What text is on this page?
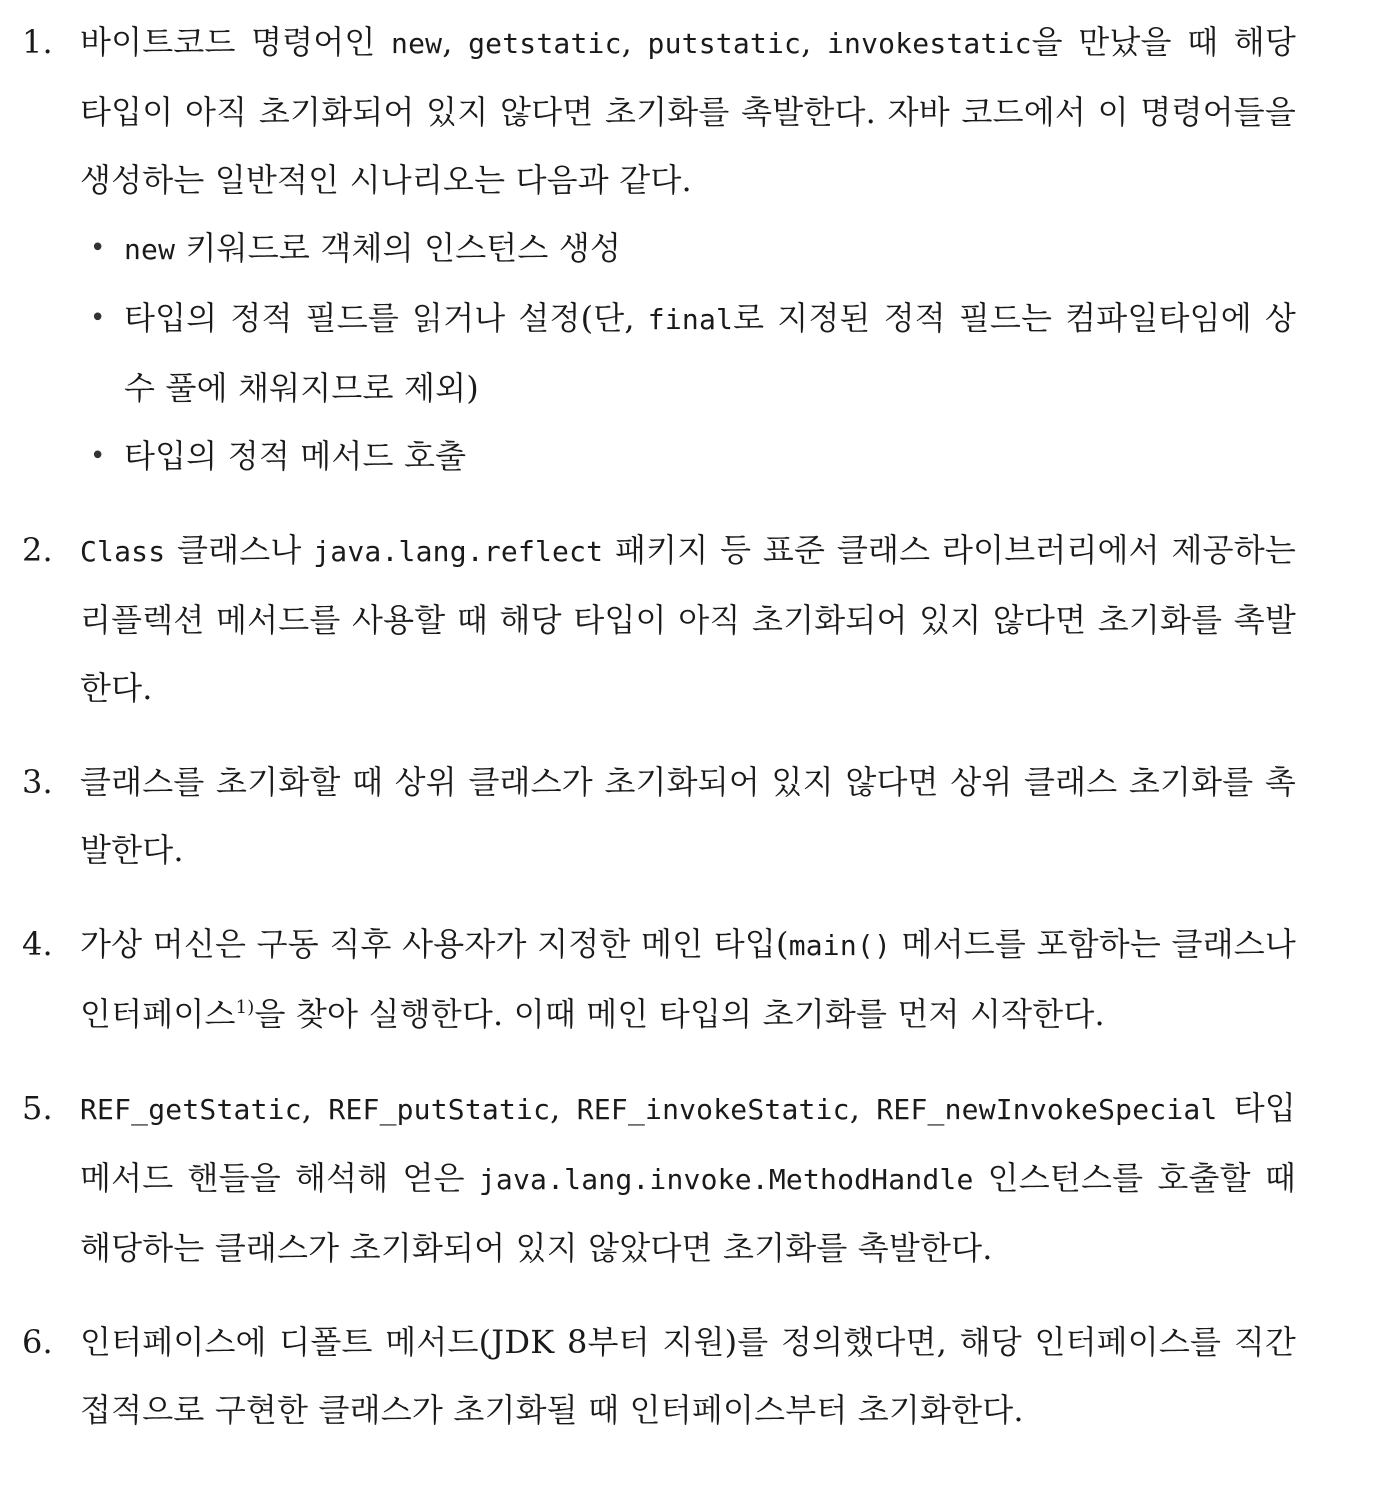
1. 바이트코드 명령어인 new, getstatic, putstatic, invokestatic을 만났을 때 해당 타입이 아직 초기화되어 있지 않다면 초기화를 촉발한다. 자바 코드에서 이 명령어들을 생성하는 일반적인 시나리오는 다음과 같다.
• new 키워드로 객체의 인스턴스 생성
• 타입의 정적 필드를 읽거나 설정(단, final로 지정된 정적 필드는 컴파일타임에 상수 풀에 채워지므로 제외)
• 타입의 정적 메서드 호출
2. Class 클래스나 java.lang.reflect 패키지 등 표준 클래스 라이브러리에서 제공하는 리플렉션 메서드를 사용할 때 해당 타입이 아직 초기화되어 있지 않다면 초기화를 촉발한다.
3. 클래스를 초기화할 때 상위 클래스가 초기화되어 있지 않다면 상위 클래스 초기화를 촉발한다.
4. 가상 머신은 구동 직후 사용자가 지정한 메인 타입(main() 메서드를 포함하는 클래스나 인터페이스$^{1)}$을 찾아 실행한다. 이때 메인 타입의 초기화를 먼저 시작한다.
5. REF_getStatic, REF_putStatic, REF_invokeStatic, REF_newInvokeSpecial 타입 메서드 핸들을 해석해 얻은 java.lang.invoke.MethodHandle 인스턴스를 호출할 때 해당하는 클래스가 초기화되어 있지 않았다면 초기화를 촉발한다.
6. 인터페이스에 디폴트 메서드(JDK 8부터 지원)를 정의했다면, 해당 인터페이스를 직간접적으로 구현한 클래스가 초기화될 때 인터페이스부터 초기화한다.
